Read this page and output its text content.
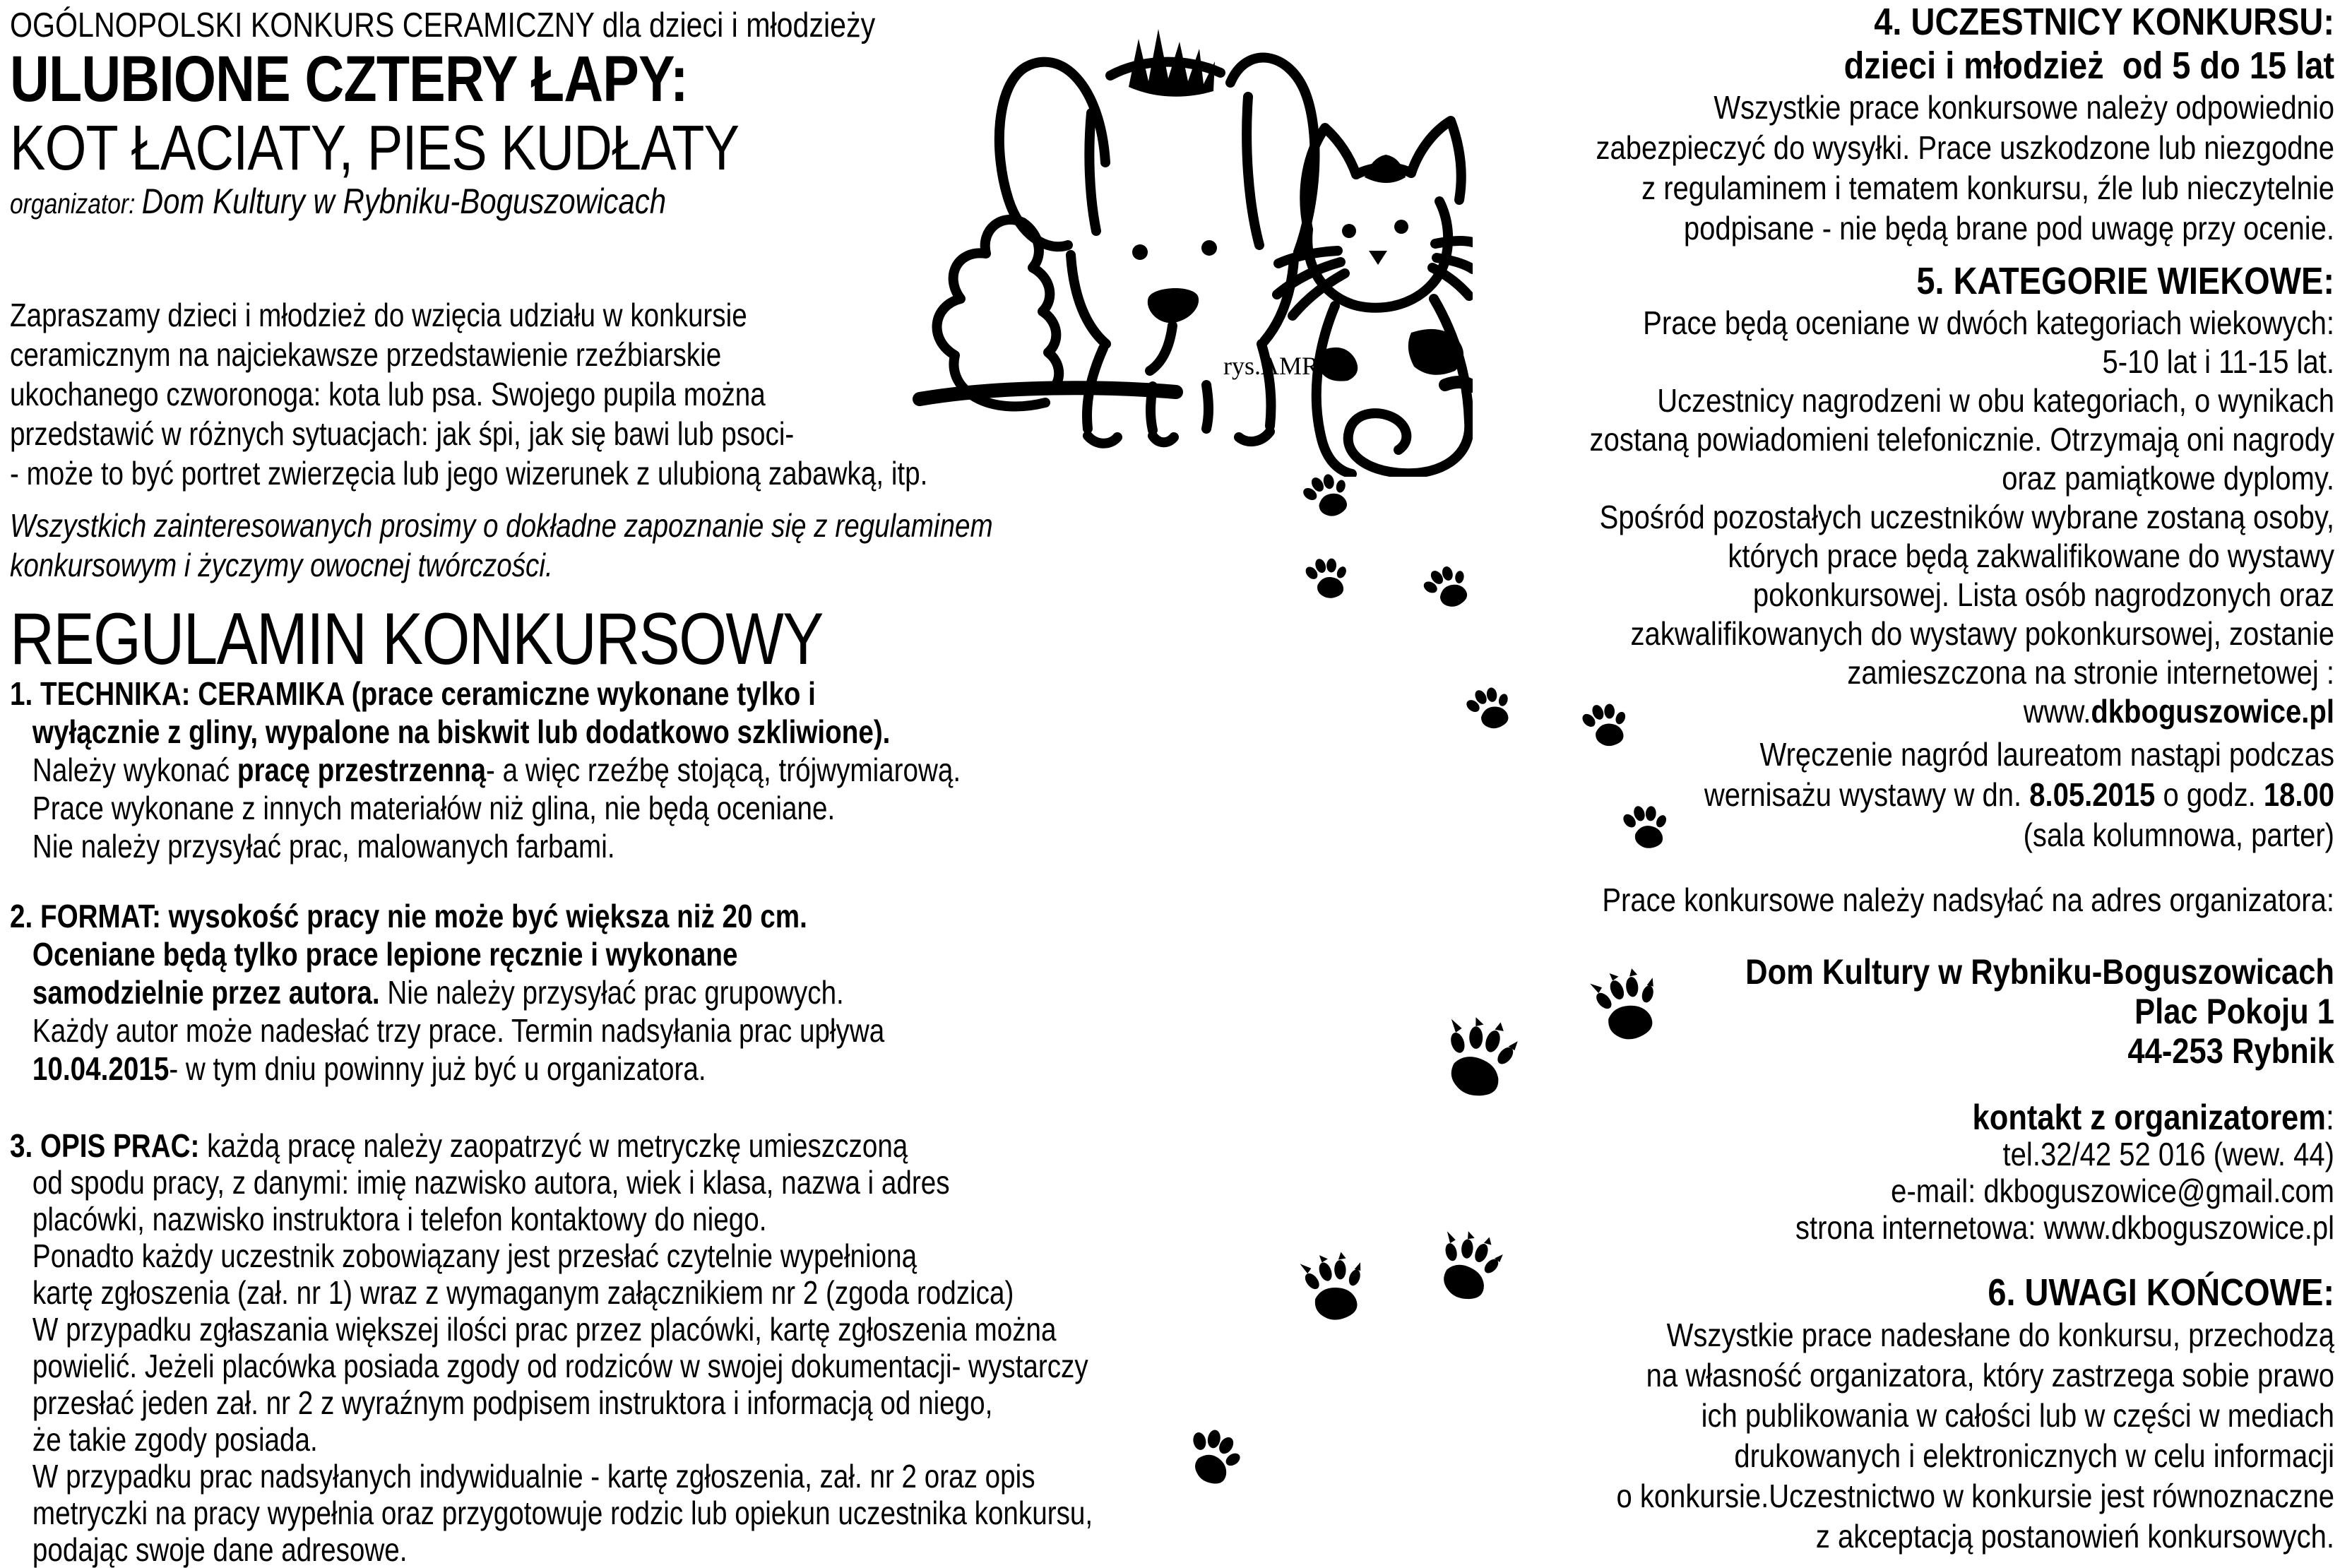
OGÓLNOPOLSKI KONKURS CERAMICZNY dla dzieci i młodzieży
ULUBIONE CZTERY ŁAPY:
KOT ŁACIATY, PIES KUDŁATY
organizator: Dom Kultury w Rybniku-Boguszowicach
Zapraszamy dzieci i młodzież do wzięcia udziału w konkursie
ceramicznym na najciekawsze przedstawienie rzeźbiarskie
ukochanego czworonoga: kota lub psa. Swojego pupila można
przedstawić w różnych sytuacjach: jak śpi, jak się bawi lub psoci-
- może to być portret zwierzęcia lub jego wizerunek z ulubioną zabawką, itp.
Wszystkich zainteresowanych prosimy o dokładne zapoznanie się z regulaminem
konkursowym i życzymy owocnej twórczości.
REGULAMIN KONKURSOWY
1. TECHNIKA: CERAMIKA (prace ceramiczne wykonane tylko i
wyłącznie z gliny, wypalone na biskwit lub dodatkowo szkliwione).
Należy wykonać pracę przestrzenną- a więc rzeźbę stojącą, trójwymiarową.
Prace wykonane z innych materiałów niż glina, nie będą oceniane.
Nie należy przysyłać prac, malowanych farbami.
2. FORMAT: wysokość pracy nie może być większa niż 20 cm.
Oceniane będą tylko prace lepione ręcznie i wykonane
samodzielnie przez autora. Nie należy przysyłać prac grupowych.
Każdy autor może nadesłać trzy prace. Termin nadsyłania prac upływa
10.04.2015- w tym dniu powinny już być u organizatora.
3. OPIS PRAC: każdą pracę należy zaopatrzyć w metryczkę umieszczoną
od spodu pracy, z danymi: imię nazwisko autora, wiek i klasa, nazwa i adres
placówki, nazwisko instruktora i telefon kontaktowy do niego.
Ponadto każdy uczestnik zobowiązany jest przesłać czytelnie wypełnioną
kartę zgłoszenia (zał. nr 1) wraz z wymaganym załącznikiem nr 2 (zgoda rodzica)
W przypadku zgłaszania większej ilości prac przez placówki, kartę zgłoszenia można
powielić. Jeżeli placówka posiada zgody od rodziców w swojej dokumentacji- wystarczy
przesłać jeden zał. nr 2 z wyraźnym podpisem instruktora i informacją od niego,
że takie zgody posiada.
W przypadku prac nadsyłanych indywidualnie - kartę zgłoszenia, zał. nr 2 oraz opis
metryczki na pracy wypełnia oraz przygotowuje rodzic lub opiekun uczestnika konkursu,
podając swoje dane adresowe.
4. UCZESTNICY KONKURSU:
dzieci i młodzież  od 5 do 15 lat
Wszystkie prace konkursowe należy odpowiednio
zabezpieczyć do wysyłki. Prace uszkodzone lub niezgodne
z regulaminem i tematem konkursu, źle lub nieczytelnie
podpisane - nie będą brane pod uwagę przy ocenie.
5. KATEGORIE WIEKOWE:
Prace będą oceniane w dwóch kategoriach wiekowych:
5-10 lat i 11-15 lat.
Uczestnicy nagrodzeni w obu kategoriach, o wynikach
zostaną powiadomieni telefonicznie. Otrzymają oni nagrody
oraz pamiątkowe dyplomy.
Spośród pozostałych uczestników wybrane zostaną osoby,
których prace będą zakwalifikowane do wystawy
pokonkursowej. Lista osób nagrodzonych oraz
zakwalifikowanych do wystawy pokonkursowej, zostanie
zamieszczona na stronie internetowej :
www.dkboguszowice.pl
Wręczenie nagród laureatom nastąpi podczas
wernisażu wystawy w dn. 8.05.2015 o godz. 18.00
(sala kolumnowa, parter)
Prace konkursowe należy nadsyłać na adres organizatora:
Dom Kultury w Rybniku-Boguszowicach
Plac Pokoju 1
44-253 Rybnik
kontakt z organizatorem:
tel.32/42 52 016 (wew. 44)
e-mail: dkboguszowice@gmail.com
strona internetowa: www.dkboguszowice.pl
6. UWAGI KOŃCOWE:
Wszystkie prace nadesłane do konkursu, przechodzą
na własność organizatora, który zastrzega sobie prawo
ich publikowania w całości lub w części w mediach
drukowanych i elektronicznych w celu informacji
o konkursie.Uczestnictwo w konkursie jest równoznaczne
z akceptacją postanowień konkursowych.
rys.AMR
